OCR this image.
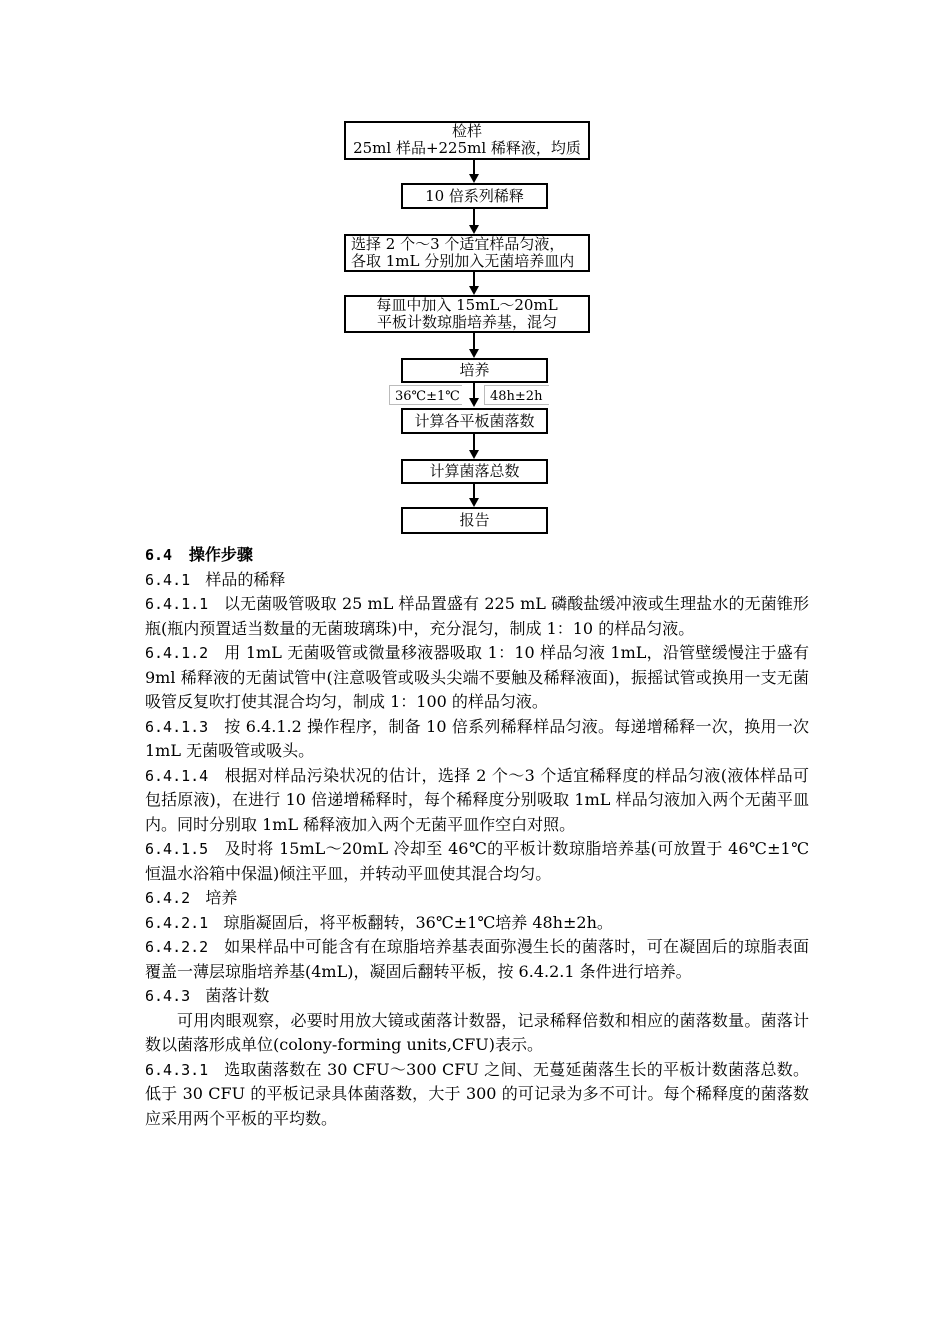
检样
25ml 样品+225ml 稀释液，均质
10 倍系列稀释
选择 2 个～3 个适宜样品匀液，
各取 1mL 分别加入无菌培养皿内
每皿中加入 15mL～20mL
平板计数琼脂培养基，混匀
培养
36℃±1℃ 48h±2h
计算各平板菌落数
计算菌落总数
报告

6.4 操作步骤

6.4.1 样品的稀释

6.4.1.1 以无菌吸管吸取 25 mL 样品置盛有 225 mL 磷酸盐缓冲液或生理盐水的无菌锥形瓶(瓶内预置适当数量的无菌玻璃珠)中，充分混匀，制成 1：10 的样品匀液。

6.4.1.2 用 1mL 无菌吸管或微量移液器吸取 1：10 样品匀液 1mL，沿管壁缓慢注于盛有 9ml 稀释液的无菌试管中(注意吸管或吸头尖端不要触及稀释液面)，振摇试管或换用一支无菌吸管反复吹打使其混合均匀，制成 1：100 的样品匀液。

6.4.1.3 按 6.4.1.2 操作程序，制备 10 倍系列稀释样品匀液。每递增稀释一次，换用一次 1mL 无菌吸管或吸头。

6.4.1.4 根据对样品污染状况的估计，选择 2 个～3 个适宜稀释度的样品匀液(液体样品可包括原液)，在进行 10 倍递增稀释时，每个稀释度分别吸取 1mL 样品匀液加入两个无菌平皿内。同时分别取 1mL 稀释液加入两个无菌平皿作空白对照。

6.4.1.5 及时将 15mL～20mL 冷却至 46℃的平板计数琼脂培养基(可放置于 46℃±1℃恒温水浴箱中保温)倾注平皿，并转动平皿使其混合均匀。

6.4.2 培养

6.4.2.1 琼脂凝固后，将平板翻转，36℃±1℃培养 48h±2h。

6.4.2.2 如果样品中可能含有在琼脂培养基表面弥漫生长的菌落时，可在凝固后的琼脂表面覆盖一薄层琼脂培养基(4mL)，凝固后翻转平板，按 6.4.2.1 条件进行培养。

6.4.3 菌落计数

可用肉眼观察，必要时用放大镜或菌落计数器，记录稀释倍数和相应的菌落数量。菌落计数以菌落形成单位(colony-forming units,CFU)表示。

6.4.3.1 选取菌落数在 30 CFU～300 CFU 之间、无蔓延菌落生长的平板计数菌落总数。低于 30 CFU 的平板记录具体菌落数，大于 300 的可记录为多不可计。每个稀释度的菌落数应采用两个平板的平均数。
